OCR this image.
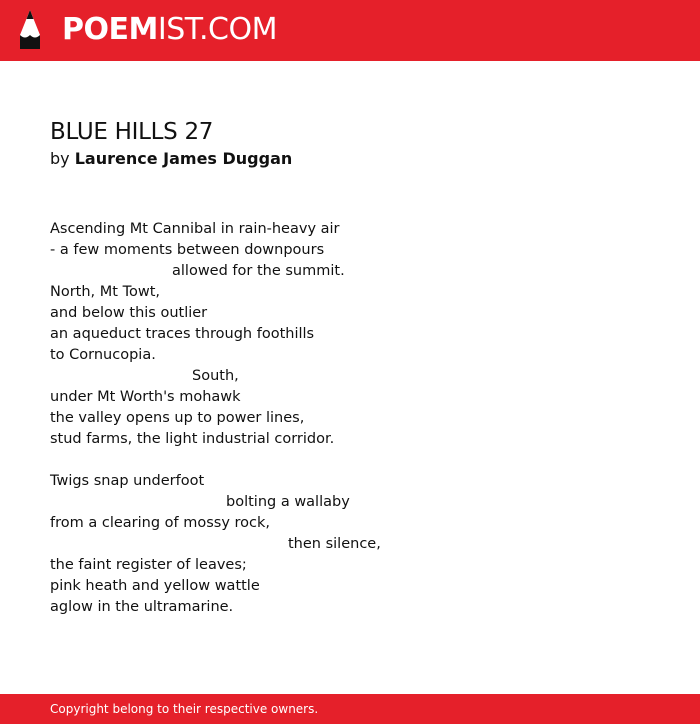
POEMIST.COM
BLUE HILLS 27
by Laurence James Duggan
Ascending Mt Cannibal in rain-heavy air
- a few moments between downpours
allowed for the summit.
North, Mt Towt,
and below this outlier
an aqueduct traces through foothills
to Cornucopia.
South,
under Mt Worth's mohawk
the valley opens up to power lines,
stud farms, the light industrial corridor.
Twigs snap underfoot
bolting a wallaby
from a clearing of mossy rock,
then silence,
the faint register of leaves;
pink heath and yellow wattle
aglow in the ultramarine.
Copyright belong to their respective owners.
